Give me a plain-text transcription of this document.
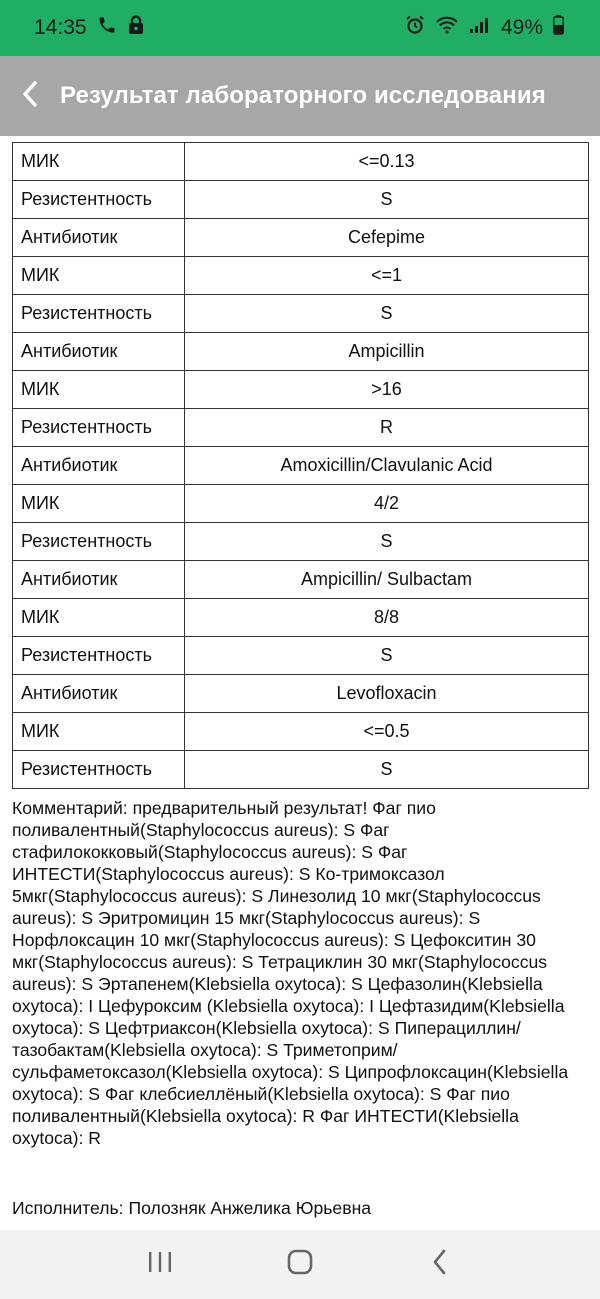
14:35	49%
Результат лабораторного исследования
МИК	<=0.13
Резистентность	S
Антибиотик	Cefepime
МИК	<=1
Резистентность	S
Антибиотик	Ampicillin
МИК	>16
Резистентность	R
Антибиотик	Amoxicillin/Clavulanic Acid
МИК	4/2
Резистентность	S
Антибиотик	Ampicillin/ Sulbactam
МИК	8/8
Резистентность	S
Антибиотик	Levofloxacin
МИК	<=0.5
Резистентность	S
Комментарий: предварительный результат! Фаг пио поливалентный(Staphylococcus aureus): S Фаг стафилококковый(Staphylococcus aureus): S Фаг ИНТЕСТИ(Staphylococcus aureus): S Ко-тримоксазол 5мкг(Staphylococcus aureus): S Линезолид 10 мкг(Staphylococcus aureus): S Эритромицин 15 мкг(Staphylococcus aureus): S Норфлоксацин 10 мкг(Staphylococcus aureus): S Цефокситин 30 мкг(Staphylococcus aureus): S Тетрациклин 30 мкг(Staphylococcus aureus): S Эртапенем(Klebsiella oxytoca): S Цефазолин(Klebsiella oxytoca): I Цефуроксим (Klebsiella oxytoca): I Цефтазидим(Klebsiella oxytoca): S Цефтриаксон(Klebsiella oxytoca): S Пиперациллин/тазобактам(Klebsiella oxytoca): S Триметоприм/сульфаметоксазол(Klebsiella oxytoca): S Ципрофлоксацин(Klebsiella oxytoca): S Фаг клебсиеллёный(Klebsiella oxytoca): S Фаг пио поливалентный(Klebsiella oxytoca): R Фаг ИНТЕСТИ(Klebsiella oxytoca): R
Исполнитель: Полозняк Анжелика Юрьевна
